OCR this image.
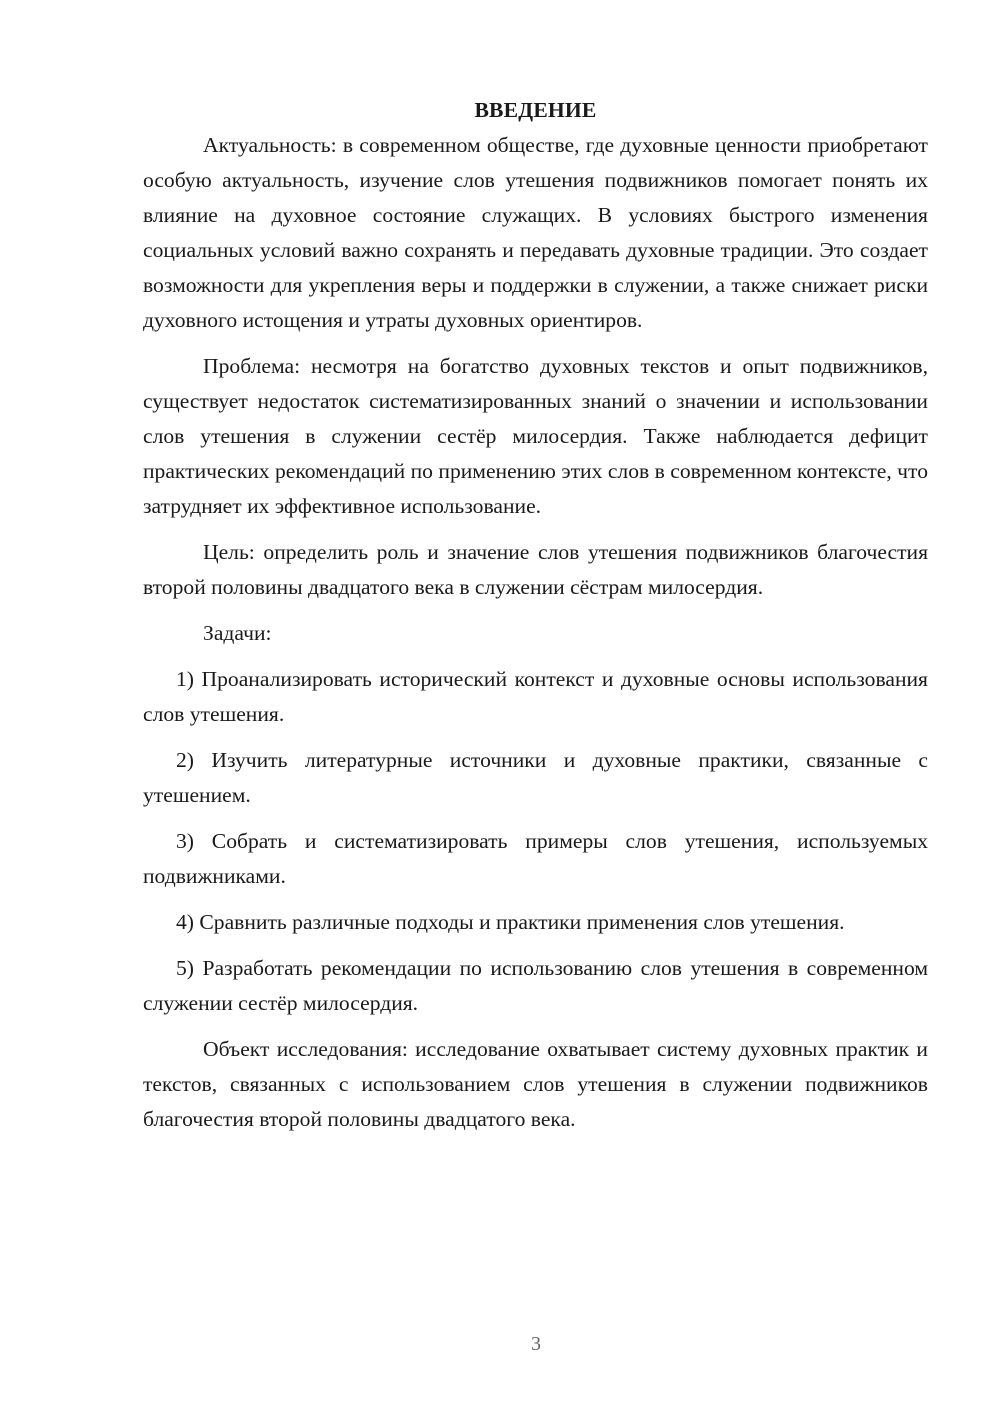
ВВЕДЕНИЕ

Актуальность: в современном обществе, где духовные ценности приобретают особую актуальность, изучение слов утешения подвижников помогает понять их влияние на духовное состояние служащих. В условиях быстрого изменения социальных условий важно сохранять и передавать духовные традиции. Это создает возможности для укрепления веры и поддержки в служении, а также снижает риски духовного истощения и утраты духовных ориентиров.

Проблема: несмотря на богатство духовных текстов и опыт подвижников, существует недостаток систематизированных знаний о значении и использовании слов утешения в служении сестёр милосердия. Также наблюдается дефицит практических рекомендаций по применению этих слов в современном контексте, что затрудняет их эффективное использование.

Цель: определить роль и значение слов утешения подвижников благочестия второй половины двадцатого века в служении сёстрам милосердия.

Задачи:

1) Проанализировать исторический контекст и духовные основы использования слов утешения.

2) Изучить литературные источники и духовные практики, связанные с утешением.

3) Собрать и систематизировать примеры слов утешения, используемых подвижниками.

4) Сравнить различные подходы и практики применения слов утешения.

5) Разработать рекомендации по использованию слов утешения в современном служении сестёр милосердия.

Объект исследования: исследование охватывает систему духовных практик и текстов, связанных с использованием слов утешения в служении подвижников благочестия второй половины двадцатого века.

3
